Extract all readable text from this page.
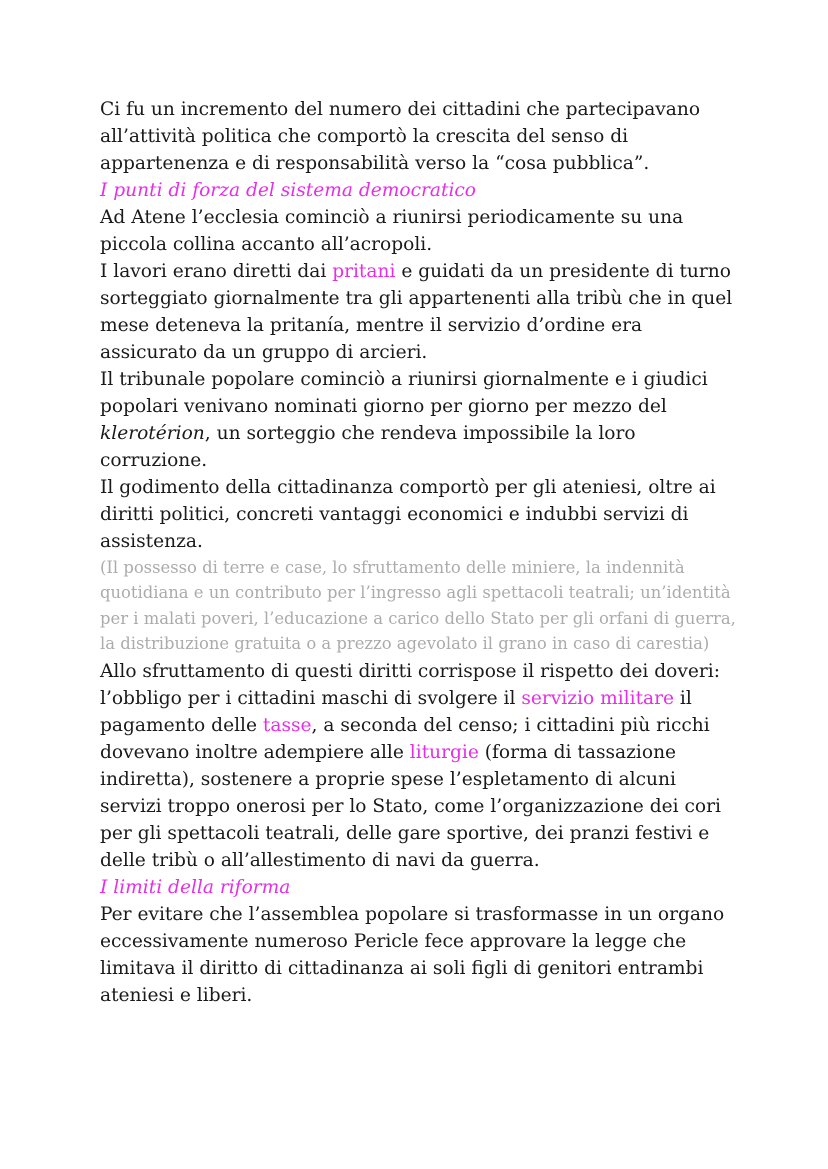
Ci fu un incremento del numero dei cittadini che partecipavano all’attività politica che comportò la crescita del senso di appartenenza e di responsabilità verso la “cosa pubblica”.

I punti di forza del sistema democratico

Ad Atene l’ecclesia cominciò a riunirsi periodicamente su una piccola collina accanto all’acropoli.

I lavori erano diretti dai pritani e guidati da un presidente di turno sorteggiato giornalmente tra gli appartenenti alla tribù che in quel mese deteneva la pritanía, mentre il servizio d’ordine era assicurato da un gruppo di arcieri.

Il tribunale popolare cominciò a riunirsi giornalmente e i giudici popolari venivano nominati giorno per giorno per mezzo del klerotérion, un sorteggio che rendeva impossibile la loro corruzione.

Il godimento della cittadinanza comportò per gli ateniesi, oltre ai diritti politici, concreti vantaggi economici e indubbi servizi di assistenza.

(Il possesso di terre e case, lo sfruttamento delle miniere, la indennità quotidiana e un contributo per l’ingresso agli spettacoli teatrali; un’identità per i malati poveri, l’educazione a carico dello Stato per gli orfani di guerra, la distribuzione gratuita o a prezzo agevolato il grano in caso di carestia)

Allo sfruttamento di questi diritti corrispose il rispetto dei doveri: l’obbligo per i cittadini maschi di svolgere il servizio militare il pagamento delle tasse, a seconda del censo; i cittadini più ricchi dovevano inoltre adempiere alle liturgie (forma di tassazione indiretta), sostenere a proprie spese l’espletamento di alcuni servizi troppo onerosi per lo Stato, come l’organizzazione dei cori per gli spettacoli teatrali, delle gare sportive, dei pranzi festivi e delle tribù o all’allestimento di navi da guerra.

I limiti della riforma

Per evitare che l’assemblea popolare si trasformasse in un organo eccessivamente numeroso Pericle fece approvare la legge che limitava il diritto di cittadinanza ai soli figli di genitori entrambi ateniesi e liberi.
